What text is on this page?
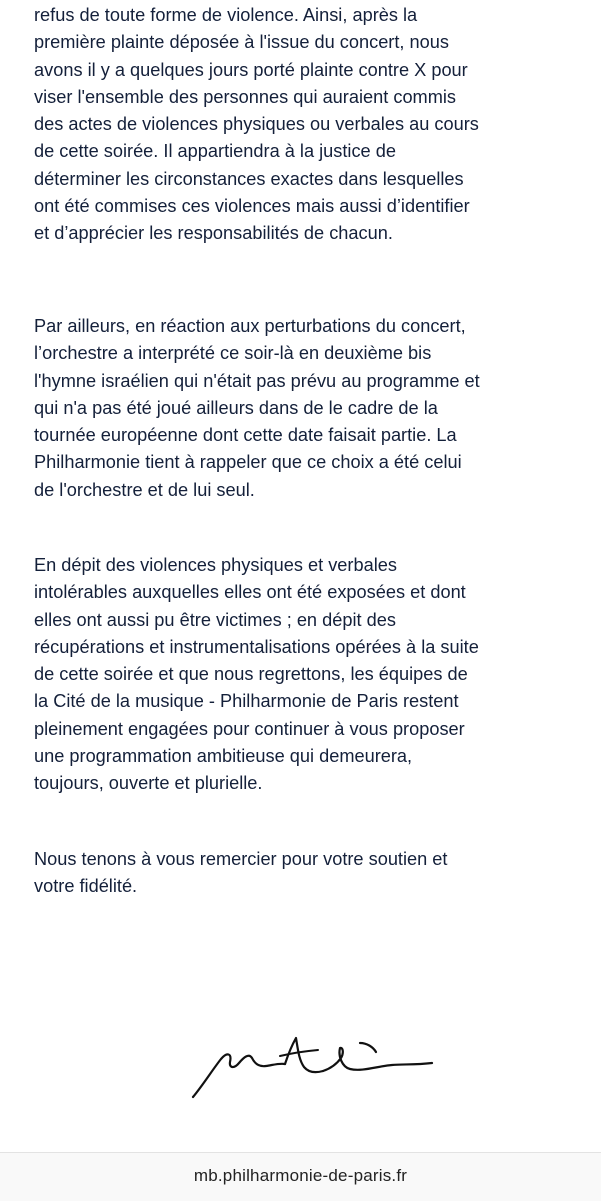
refus de toute forme de violence. Ainsi, après la
première plainte déposée à l'issue du concert, nous
avons il y a quelques jours porté plainte contre X pour
viser l'ensemble des personnes qui auraient commis
des actes de violences physiques ou verbales au cours
de cette soirée. Il appartiendra à la justice de
déterminer les circonstances exactes dans lesquelles
ont été commises ces violences mais aussi d’identifier
et d’apprécier les responsabilités de chacun.
Par ailleurs, en réaction aux perturbations du concert,
l’orchestre a interprété ce soir-là en deuxième bis
l'hymne israélien qui n'était pas prévu au programme et
qui n'a pas été joué ailleurs dans de le cadre de la
tournée européenne dont cette date faisait partie. La
Philharmonie tient à rappeler que ce choix a été celui
de l'orchestre et de lui seul.
En dépit des violences physiques et verbales
intolérables auxquelles elles ont été exposées et dont
elles ont aussi pu être victimes ; en dépit des
récupérations et instrumentalisations opérées à la suite
de cette soirée et que nous regrettons, les équipes de
la Cité de la musique - Philharmonie de Paris restent
pleinement engagées pour continuer à vous proposer
une programmation ambitieuse qui demeurera,
toujours, ouverte et plurielle.
Nous tenons à vous remercier pour votre soutien et
votre fidélité.
mb.philharmonie-de-paris.fr
